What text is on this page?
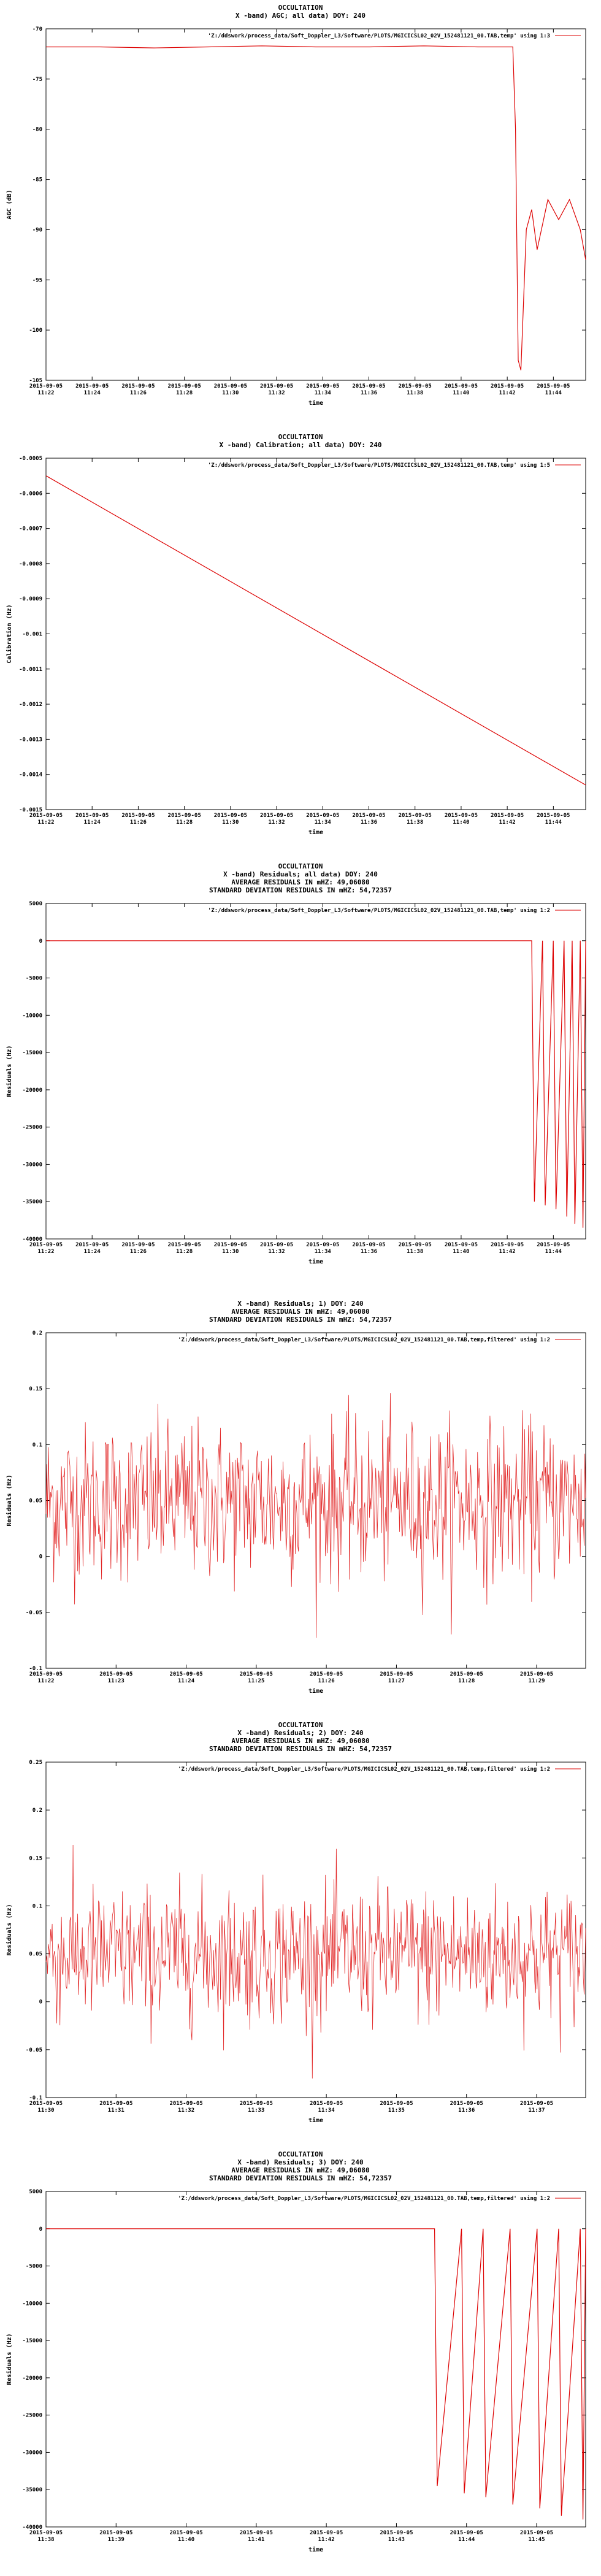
OCCULTATION
X -band) AGC; all data) DOY: 240
-70
-75
-80
-85
-90
-95
-100
-105
2015-09-05
11:22
2015-09-05
11:24
2015-09-05
11:26
2015-09-05
11:28
2015-09-05
11:30
2015-09-05
11:32
2015-09-05
11:34
2015-09-05
11:36
2015-09-05
11:38
2015-09-05
11:40
2015-09-05
11:42
2015-09-05
11:44
time
AGC (dB)
'Z:/ddswork/process_data/Soft_Doppler_L3/Software/PLOTS/MGICICSL02_02V_152481121_00.TAB,temp' using 1:3
OCCULTATION
X -band) Calibration; all data) DOY: 240
-0.0005
-0.0006
-0.0007
-0.0008
-0.0009
-0.001
-0.0011
-0.0012
-0.0013
-0.0014
-0.0015
2015-09-05
11:22
2015-09-05
11:24
2015-09-05
11:26
2015-09-05
11:28
2015-09-05
11:30
2015-09-05
11:32
2015-09-05
11:34
2015-09-05
11:36
2015-09-05
11:38
2015-09-05
11:40
2015-09-05
11:42
2015-09-05
11:44
time
Calibration (Hz)
'Z:/ddswork/process_data/Soft_Doppler_L3/Software/PLOTS/MGICICSL02_02V_152481121_00.TAB,temp' using 1:5
OCCULTATION
X -band) Residuals; all data) DOY: 240
AVERAGE RESIDUALS IN mHZ: 49,06080
STANDARD DEVIATION RESIDUALS IN mHZ: 54,72357
5000
0
-5000
-10000
-15000
-20000
-25000
-30000
-35000
-40000
2015-09-05
11:22
2015-09-05
11:24
2015-09-05
11:26
2015-09-05
11:28
2015-09-05
11:30
2015-09-05
11:32
2015-09-05
11:34
2015-09-05
11:36
2015-09-05
11:38
2015-09-05
11:40
2015-09-05
11:42
2015-09-05
11:44
time
Residuals (Hz)
'Z:/ddswork/process_data/Soft_Doppler_L3/Software/PLOTS/MGICICSL02_02V_152481121_00.TAB,temp' using 1:2
X -band) Residuals; 1) DOY: 240
AVERAGE RESIDUALS IN mHZ: 49,06080
STANDARD DEVIATION RESIDUALS IN mHZ: 54,72357
0.2
0.15
0.1
0.05
0
-0.05
-0.1
2015-09-05
11:22
2015-09-05
11:23
2015-09-05
11:24
2015-09-05
11:25
2015-09-05
11:26
2015-09-05
11:27
2015-09-05
11:28
2015-09-05
11:29
time
Residuals (Hz)
'Z:/ddswork/process_data/Soft_Doppler_L3/Software/PLOTS/MGICICSL02_02V_152481121_00.TAB,temp,filtered' using 1:2
OCCULTATION
X -band) Residuals; 2) DOY: 240
AVERAGE RESIDUALS IN mHZ: 49,06080
STANDARD DEVIATION RESIDUALS IN mHZ: 54,72357
0.25
0.2
0.15
0.1
0.05
0
-0.05
-0.1
2015-09-05
11:30
2015-09-05
11:31
2015-09-05
11:32
2015-09-05
11:33
2015-09-05
11:34
2015-09-05
11:35
2015-09-05
11:36
2015-09-05
11:37
time
Residuals (Hz)
'Z:/ddswork/process_data/Soft_Doppler_L3/Software/PLOTS/MGICICSL02_02V_152481121_00.TAB,temp,filtered' using 1:2
OCCULTATION
X -band) Residuals; 3) DOY: 240
AVERAGE RESIDUALS IN mHZ: 49,06080
STANDARD DEVIATION RESIDUALS IN mHZ: 54,72357
5000
0
-5000
-10000
-15000
-20000
-25000
-30000
-35000
-40000
2015-09-05
11:38
2015-09-05
11:39
2015-09-05
11:40
2015-09-05
11:41
2015-09-05
11:42
2015-09-05
11:43
2015-09-05
11:44
2015-09-05
11:45
time
Residuals (Hz)
'Z:/ddswork/process_data/Soft_Doppler_L3/Software/PLOTS/MGICICSL02_02V_152481121_00.TAB,temp,filtered' using 1:2
